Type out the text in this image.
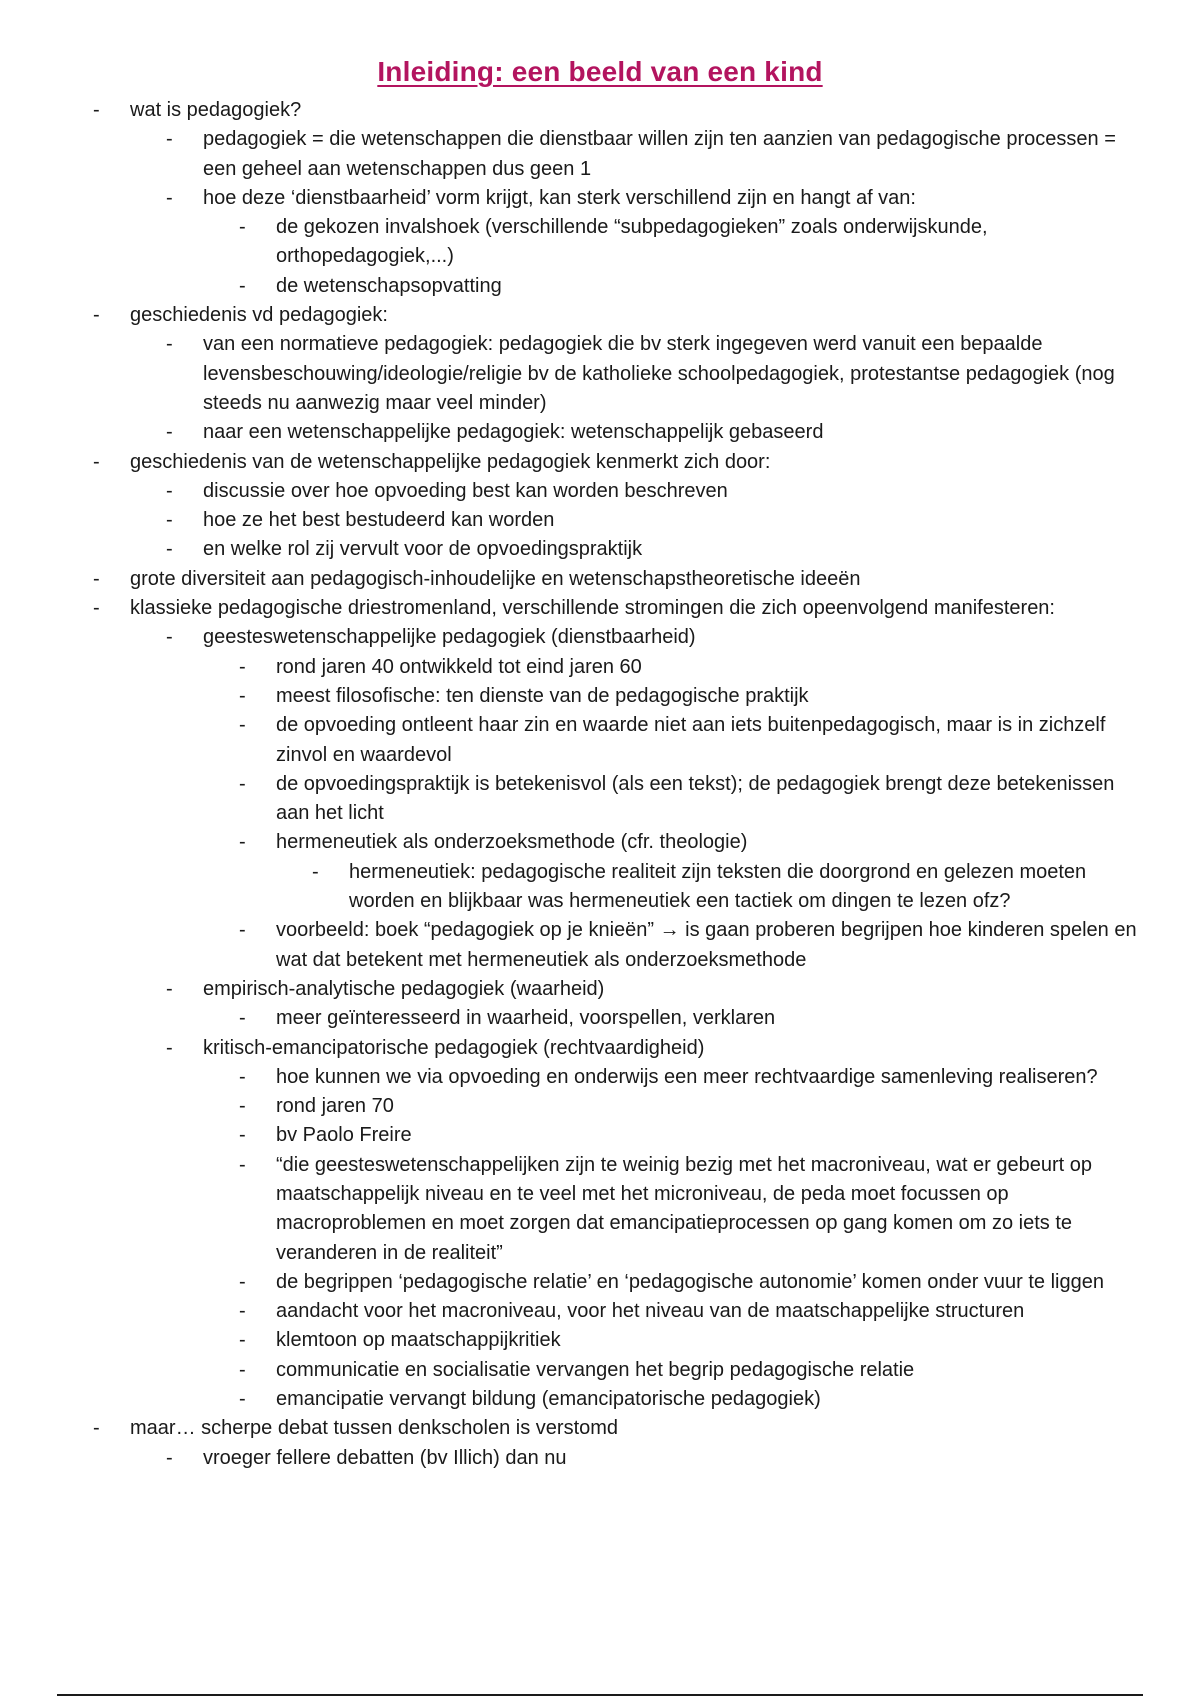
Inleiding: een beeld van een kind
- wat is pedagogiek?
- pedagogiek = die wetenschappen die dienstbaar willen zijn ten aanzien van pedagogische processen = een geheel aan wetenschappen dus geen 1
- hoe deze ‘dienstbaarheid’ vorm krijgt, kan sterk verschillend zijn en hangt af van:
- de gekozen invalshoek (verschillende “subpedagogieken” zoals onderwijskunde, orthopedagogiek,...)
- de wetenschapsopvatting
- geschiedenis vd pedagogiek:
- van een normatieve pedagogiek: pedagogiek die bv sterk ingegeven werd vanuit een bepaalde levensbeschouwing/ideologie/religie bv de katholieke schoolpedagogiek, protestantse pedagogiek (nog steeds nu aanwezig maar veel minder)
- naar een wetenschappelijke pedagogiek: wetenschappelijk gebaseerd
- geschiedenis van de wetenschappelijke pedagogiek kenmerkt zich door:
- discussie over hoe opvoeding best kan worden beschreven
- hoe ze het best bestudeerd kan worden
- en welke rol zij vervult voor de opvoedingspraktijk
- grote diversiteit aan pedagogisch-inhoudelijke en wetenschapstheoretische ideeën
- klassieke pedagogische driestromenland, verschillende stromingen die zich opeenvolgend manifesteren:
- geesteswetenschappelijke pedagogiek (dienstbaarheid)
- rond jaren 40 ontwikkeld tot eind jaren 60
- meest filosofische: ten dienste van de pedagogische praktijk
- de opvoeding ontleent haar zin en waarde niet aan iets buitenpedagogisch, maar is in zichzelf zinvol en waardevol
- de opvoedingspraktijk is betekenisvol (als een tekst); de pedagogiek brengt deze betekenissen aan het licht
- hermeneutiek als onderzoeksmethode (cfr. theologie)
- hermeneutiek: pedagogische realiteit zijn teksten die doorgrond en gelezen moeten worden en blijkbaar was hermeneutiek een tactiek om dingen te lezen ofz?
- voorbeeld: boek “pedagogiek op je knieën” → is gaan proberen begrijpen hoe kinderen spelen en wat dat betekent met hermeneutiek als onderzoeksmethode
- empirisch-analytische pedagogiek (waarheid)
- meer geïnteresseerd in waarheid, voorspellen, verklaren
- kritisch-emancipatorische pedagogiek (rechtvaardigheid)
- hoe kunnen we via opvoeding en onderwijs een meer rechtvaardige samenleving realiseren?
- rond jaren 70
- bv Paolo Freire
- “die geesteswetenschappelijken zijn te weinig bezig met het macroniveau, wat er gebeurt op maatschappelijk niveau en te veel met het microniveau, de peda moet focussen op macroproblemen en moet zorgen dat emancipatieprocessen op gang komen om zo iets te veranderen in de realiteit”
- de begrippen ‘pedagogische relatie’ en ‘pedagogische autonomie’ komen onder vuur te liggen
- aandacht voor het macroniveau, voor het niveau van de maatschappelijke structuren
- klemtoon op maatschappijkritiek
- communicatie en socialisatie vervangen het begrip pedagogische relatie
- emancipatie vervangt bildung (emancipatorische pedagogiek)
- maar… scherpe debat tussen denkscholen is verstomd
- vroeger fellere debatten (bv Illich) dan nu
